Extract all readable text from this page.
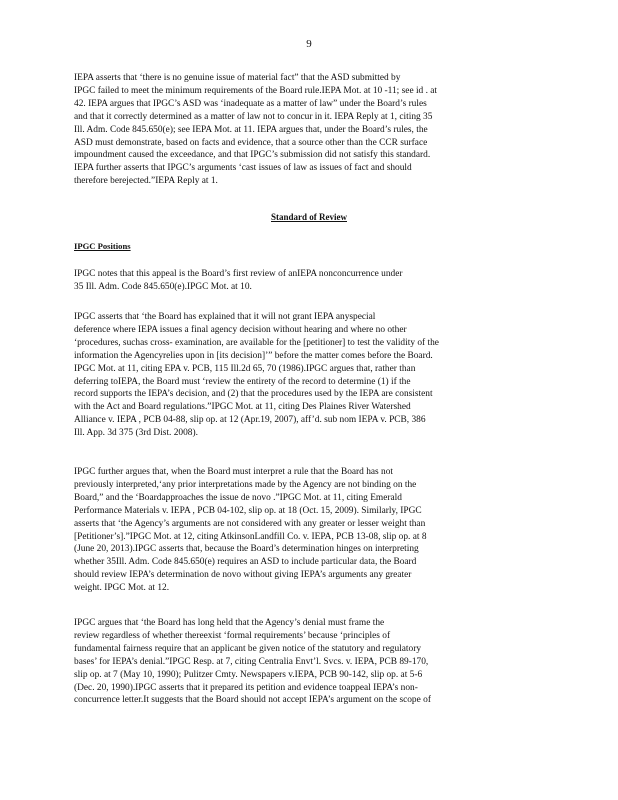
9

IEPA asserts that ‘there is no genuine issue of material fact” that the ASD submitted by
IPGC failed to meet the minimum requirements of the Board rule.IEPA Mot. at 10 -11; see id . at
42. IEPA argues that IPGC’s ASD was ‘inadequate as a matter of law” under the Board’s rules
and that it correctly determined as a matter of law not to concur in it. IEPA Reply at 1, citing 35
Ill. Adm. Code 845.650(e); see IEPA Mot. at 11. IEPA argues that, under the Board’s rules, the
ASD must demonstrate, based on facts and evidence, that a source other than the CCR surface
impoundment caused the exceedance, and that IPGC’s submission did not satisfy this standard.
IEPA further asserts that IPGC’s arguments ‘cast issues of law as issues of fact and should
therefore berejected.”IEPA Reply at 1.

Standard of Review
IPGC Positions

IPGC notes that this appeal is the Board’s first review of anIEPA nonconcurrence under
35 Ill. Adm. Code 845.650(e).IPGC Mot. at 10.

IPGC asserts that ‘the Board has explained that it will not grant IEPA anyspecial
deference where IEPA issues a final agency decision without hearing and where no other
‘procedures, suchas cross- examination, are available for the [petitioner] to test the validity of the
information the Agencyrelies upon in [its decision]’” before the matter comes before the Board.
IPGC Mot. at 11, citing EPA v. PCB, 115 Ill.2d 65, 70 (1986).IPGC argues that, rather than
deferring toIEPA, the Board must ‘review the entirety of the record to determine (1) if the
record supports the IEPA’s decision, and (2) that the procedures used by the IEPA are consistent
with the Act and Board regulations.”IPGC Mot. at 11, citing Des Plaines River Watershed
Alliance v. IEPA , PCB 04-88, slip op. at 12 (Apr.19, 2007), aff’d. sub nom IEPA v. PCB, 386
Ill. App. 3d 375 (3rd Dist. 2008).

IPGC further argues that, when the Board must interpret a rule that the Board has not
previously interpreted,‘any prior interpretations made by the Agency are not binding on the
Board,” and the ‘Boardapproaches the issue de novo .”IPGC Mot. at 11, citing Emerald
Performance Materials v. IEPA , PCB 04-102, slip op. at 18 (Oct. 15, 2009). Similarly, IPGC
asserts that ‘the Agency’s arguments are not considered with any greater or lesser weight than
[Petitioner’s].”IPGC Mot. at 12, citing AtkinsonLandfill Co. v. IEPA, PCB 13-08, slip op. at 8
(June 20, 2013).IPGC asserts that, because the Board’s determination hinges on interpreting
whether 35Ill. Adm. Code 845.650(e) requires an ASD to include particular data, the Board
should review IEPA’s determination de novo without giving IEPA’s arguments any greater
weight. IPGC Mot. at 12.

IPGC argues that ‘the Board has long held that the Agency’s denial must frame the
review regardless of whether thereexist ‘formal requirements’ because ‘principles of
fundamental fairness require that an applicant be given notice of the statutory and regulatory
bases’ for IEPA’s denial.”IPGC Resp. at 7, citing Centralia Envt’l. Svcs. v. IEPA, PCB 89-170,
slip op. at 7 (May 10, 1990); Pulitzer Cmty. Newspapers v.IEPA, PCB 90-142, slip op. at 5-6
(Dec. 20, 1990).IPGC asserts that it prepared its petition and evidence toappeal IEPA’s non-
concurrence letter.It suggests that the Board should not accept IEPA’s argument on the scope of
